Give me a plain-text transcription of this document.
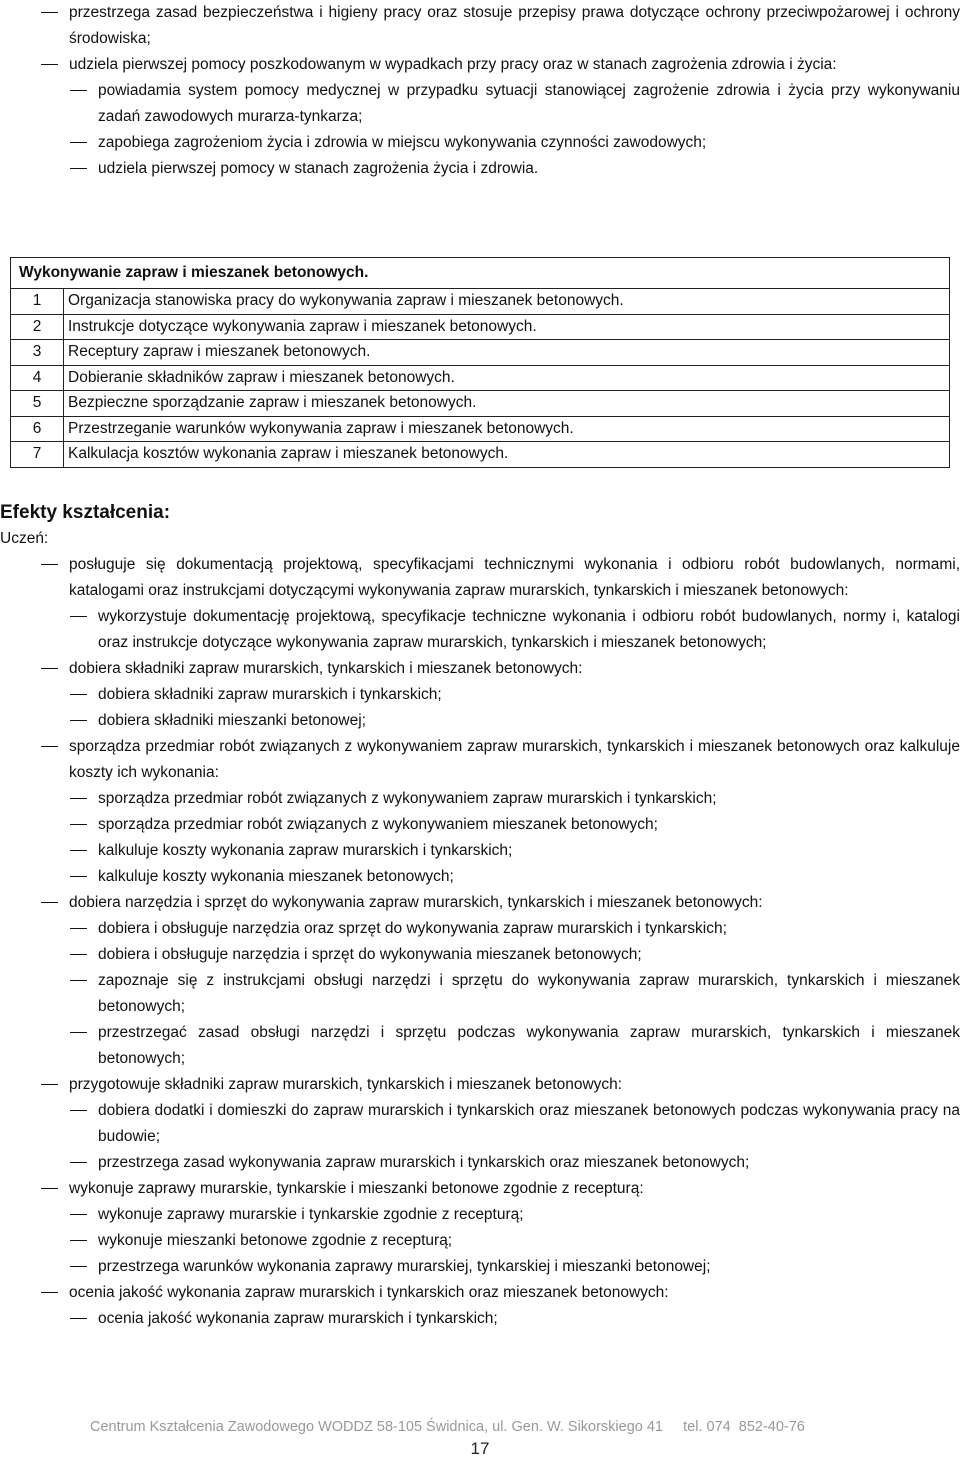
przestrzega zasad bezpieczeństwa i higieny pracy oraz stosuje przepisy prawa dotyczące ochrony przeciwpożarowej i ochrony środowiska;
udziela pierwszej pomocy poszkodowanym w wypadkach przy pracy oraz w stanach zagrożenia zdrowia i życia:
powiadamia system pomocy medycznej w przypadku sytuacji stanowiącej zagrożenie zdrowia i życia przy wykonywaniu zadań zawodowych murarza-tynkarza;
zapobiega zagrożeniom życia i zdrowia w miejscu wykonywania czynności zawodowych;
udziela pierwszej pomocy w stanach zagrożenia życia i zdrowia.
Wykonywanie zapraw i mieszanek betonowych.	
1	Organizacja stanowiska pracy do wykonywania zapraw i mieszanek betonowych.
2	Instrukcje dotyczące wykonywania zapraw i mieszanek betonowych.
3	Receptury zapraw i mieszanek betonowych.
4	Dobieranie składników zapraw i mieszanek betonowych.
5	Bezpieczne sporządzanie zapraw i mieszanek betonowych.
6	Przestrzeganie warunków wykonywania zapraw i mieszanek betonowych.
7	Kalkulacja kosztów wykonania zapraw i mieszanek betonowych.
Efekty kształcenia:
Uczeń:
posługuje się dokumentacją projektową, specyfikacjami technicznymi wykonania i odbioru robót budowlanych, normami, katalogami oraz instrukcjami dotyczącymi wykonywania zapraw murarskich, tynkarskich i mieszanek betonowych:
wykorzystuje dokumentację projektową, specyfikacje techniczne wykonania i odbioru robót budowlanych, normy i, katalogi oraz instrukcje dotyczące wykonywania zapraw murarskich, tynkarskich i mieszanek betonowych;
dobiera składniki zapraw murarskich, tynkarskich i mieszanek betonowych:
dobiera składniki zapraw murarskich i tynkarskich;
dobiera składniki mieszanki betonowej;
sporządza przedmiar robót związanych z wykonywaniem zapraw murarskich, tynkarskich i mieszanek betonowych oraz kalkuluje koszty ich wykonania:
sporządza przedmiar robót związanych z wykonywaniem zapraw murarskich i tynkarskich;
sporządza przedmiar robót związanych z wykonywaniem mieszanek betonowych;
kalkuluje koszty wykonania zapraw murarskich i tynkarskich;
kalkuluje koszty wykonania mieszanek betonowych;
dobiera narzędzia i sprzęt do wykonywania zapraw murarskich, tynkarskich i mieszanek betonowych:
dobiera i obsługuje narzędzia oraz sprzęt do wykonywania zapraw murarskich i tynkarskich;
dobiera i obsługuje narzędzia i sprzęt do wykonywania mieszanek betonowych;
zapoznaje się z instrukcjami obsługi narzędzi i sprzętu do wykonywania zapraw murarskich, tynkarskich i mieszanek betonowych;
przestrzegać zasad obsługi narzędzi i sprzętu podczas wykonywania zapraw murarskich, tynkarskich i mieszanek betonowych;
przygotowuje składniki zapraw murarskich, tynkarskich i mieszanek betonowych:
dobiera dodatki i domieszki do zapraw murarskich i tynkarskich oraz mieszanek betonowych podczas wykonywania pracy na budowie;
przestrzega zasad wykonywania zapraw murarskich i tynkarskich oraz mieszanek betonowych;
wykonuje zaprawy murarskie, tynkarskie i mieszanki betonowe zgodnie z recepturą:
wykonuje zaprawy murarskie i tynkarskie zgodnie z recepturą;
wykonuje mieszanki betonowe zgodnie z recepturą;
przestrzega warunków wykonania zaprawy murarskiej, tynkarskiej i mieszanki betonowej;
ocenia jakość wykonania zapraw murarskich i tynkarskich oraz mieszanek betonowych:
ocenia jakość wykonania zapraw murarskich i tynkarskich;
Centrum Kształcenia Zawodowego WODDZ 58-105 Świdnica, ul. Gen. W. Sikorskiego 41     tel. 074  852-40-76
17
